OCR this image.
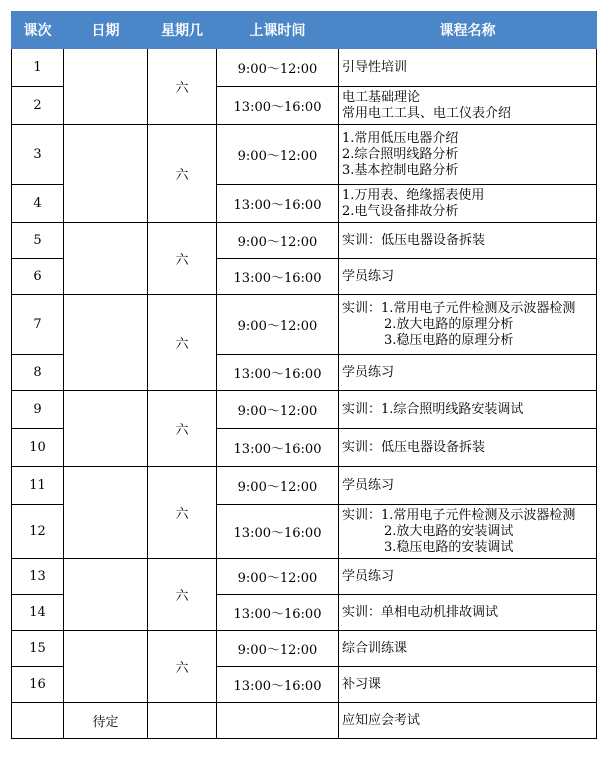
课次	日期	星期几	上课时间	课程名称
1		六	9:00～12:00	引导性培训

2			13:00～16:00	电工基础理论
常用电工工具、电工仪表介绍

3		六	9:00～12:00	1.常用低压电器介绍
2.综合照明线路分析
3.基本控制电路分析

4			13:00～16:00	1.万用表、绝缘摇表使用
2.电气设备排故分析

5		六	9:00～12:00	实训：低压电器设备拆装

6			13:00～16:00	学员练习

7		六	9:00～12:00	实训：1.常用电子元件检测及示波器检测
2.放大电路的原理分析
3.稳压电路的原理分析

8			13:00～16:00	学员练习

9		六	9:00～12:00	实训：1.综合照明线路安装调试

10			13:00～16:00	实训：低压电器设备拆装

11		六	9:00～12:00	学员练习

12			13:00～16:00	实训：1.常用电子元件检测及示波器检测
2.放大电路的安装调试
3.稳压电路的安装调试

13		六	9:00～12:00	学员练习

14			13:00～16:00	实训：单相电动机排故调试

15		六	9:00～12:00	综合训练课

16			13:00～16:00	补习课

	待定			应知应会考试
